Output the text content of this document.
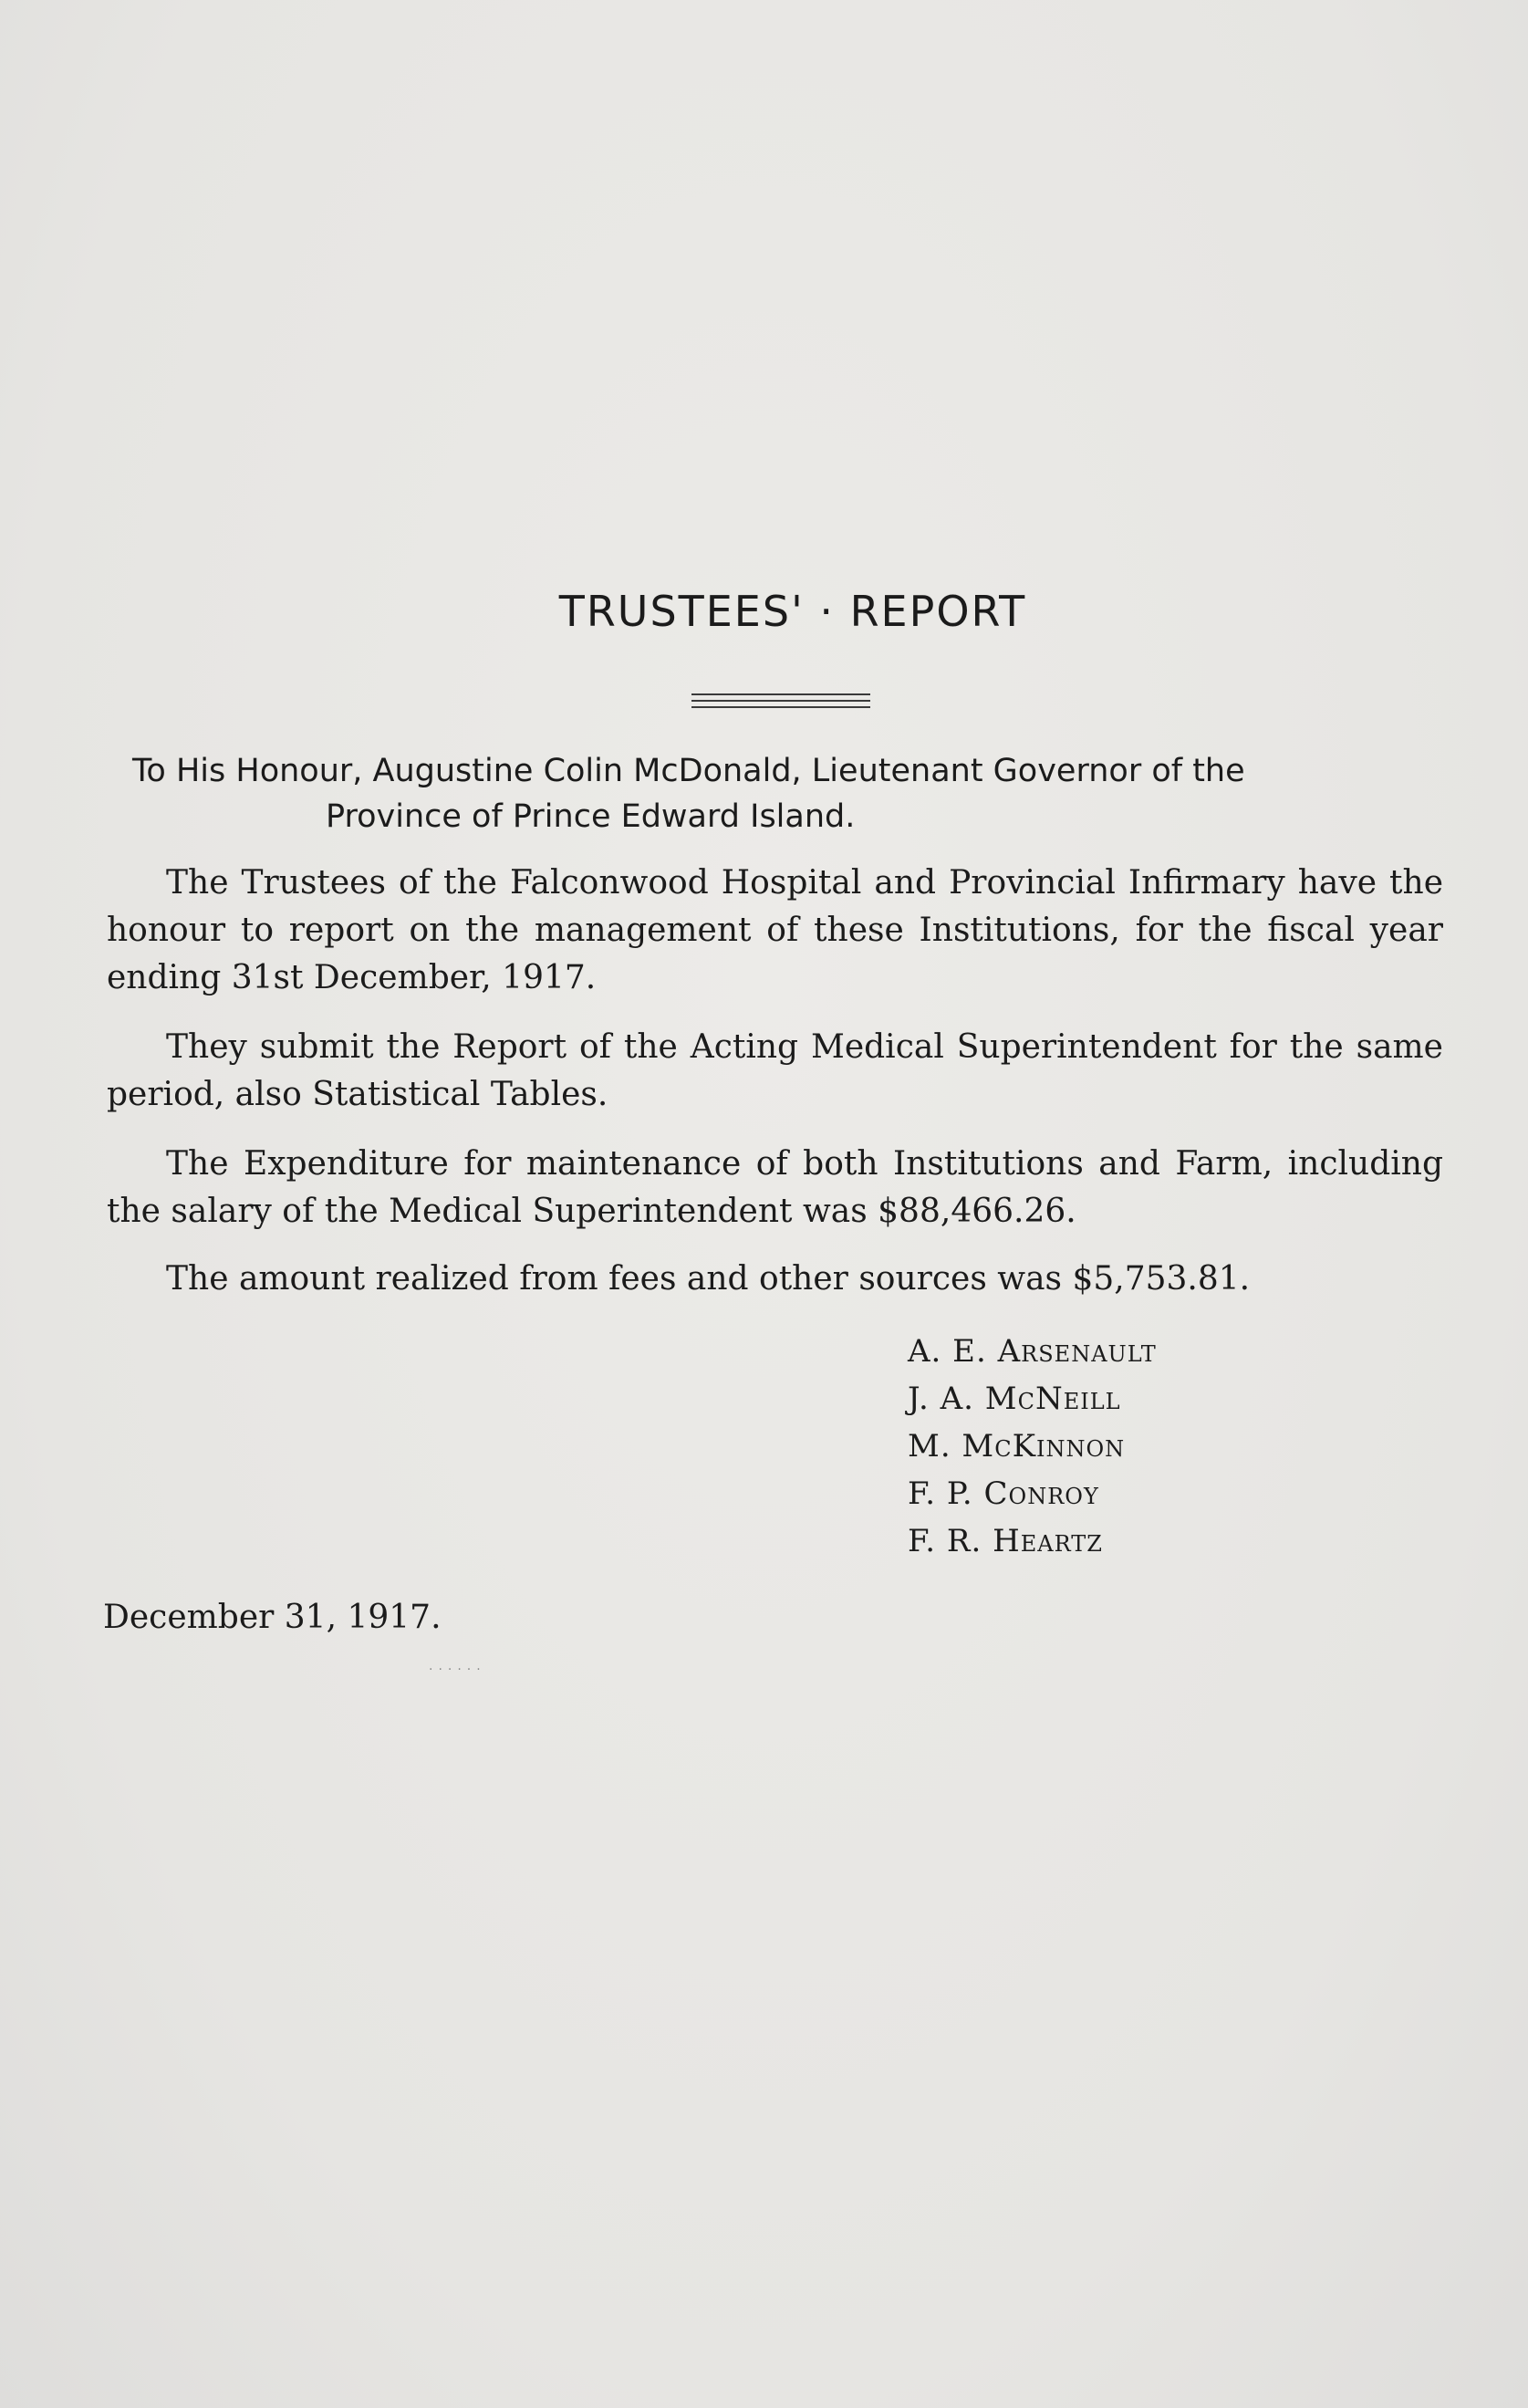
TRUSTEES' · REPORT
To His Honour, Augustine Colin McDonald, Lieutenant Governor of the
Province of Prince Edward Island.
The Trustees of the Falconwood Hospital and Provincial Infirmary have the honour to report on the management of these Institutions, for the fiscal year ending 31st December, 1917.
They submit the Report of the Acting Medical Superintendent for the same period, also Statistical Tables.
The Expenditure for maintenance of both Institutions and Farm, including the salary of the Medical Superintendent was $88,466.26.
The amount realized from fees and other sources was $5,753.81.
A. E. Arsenault
J. A. McNeill
M. McKinnon
F. P. Conroy
F. R. Heartz
December 31, 1917.
......
